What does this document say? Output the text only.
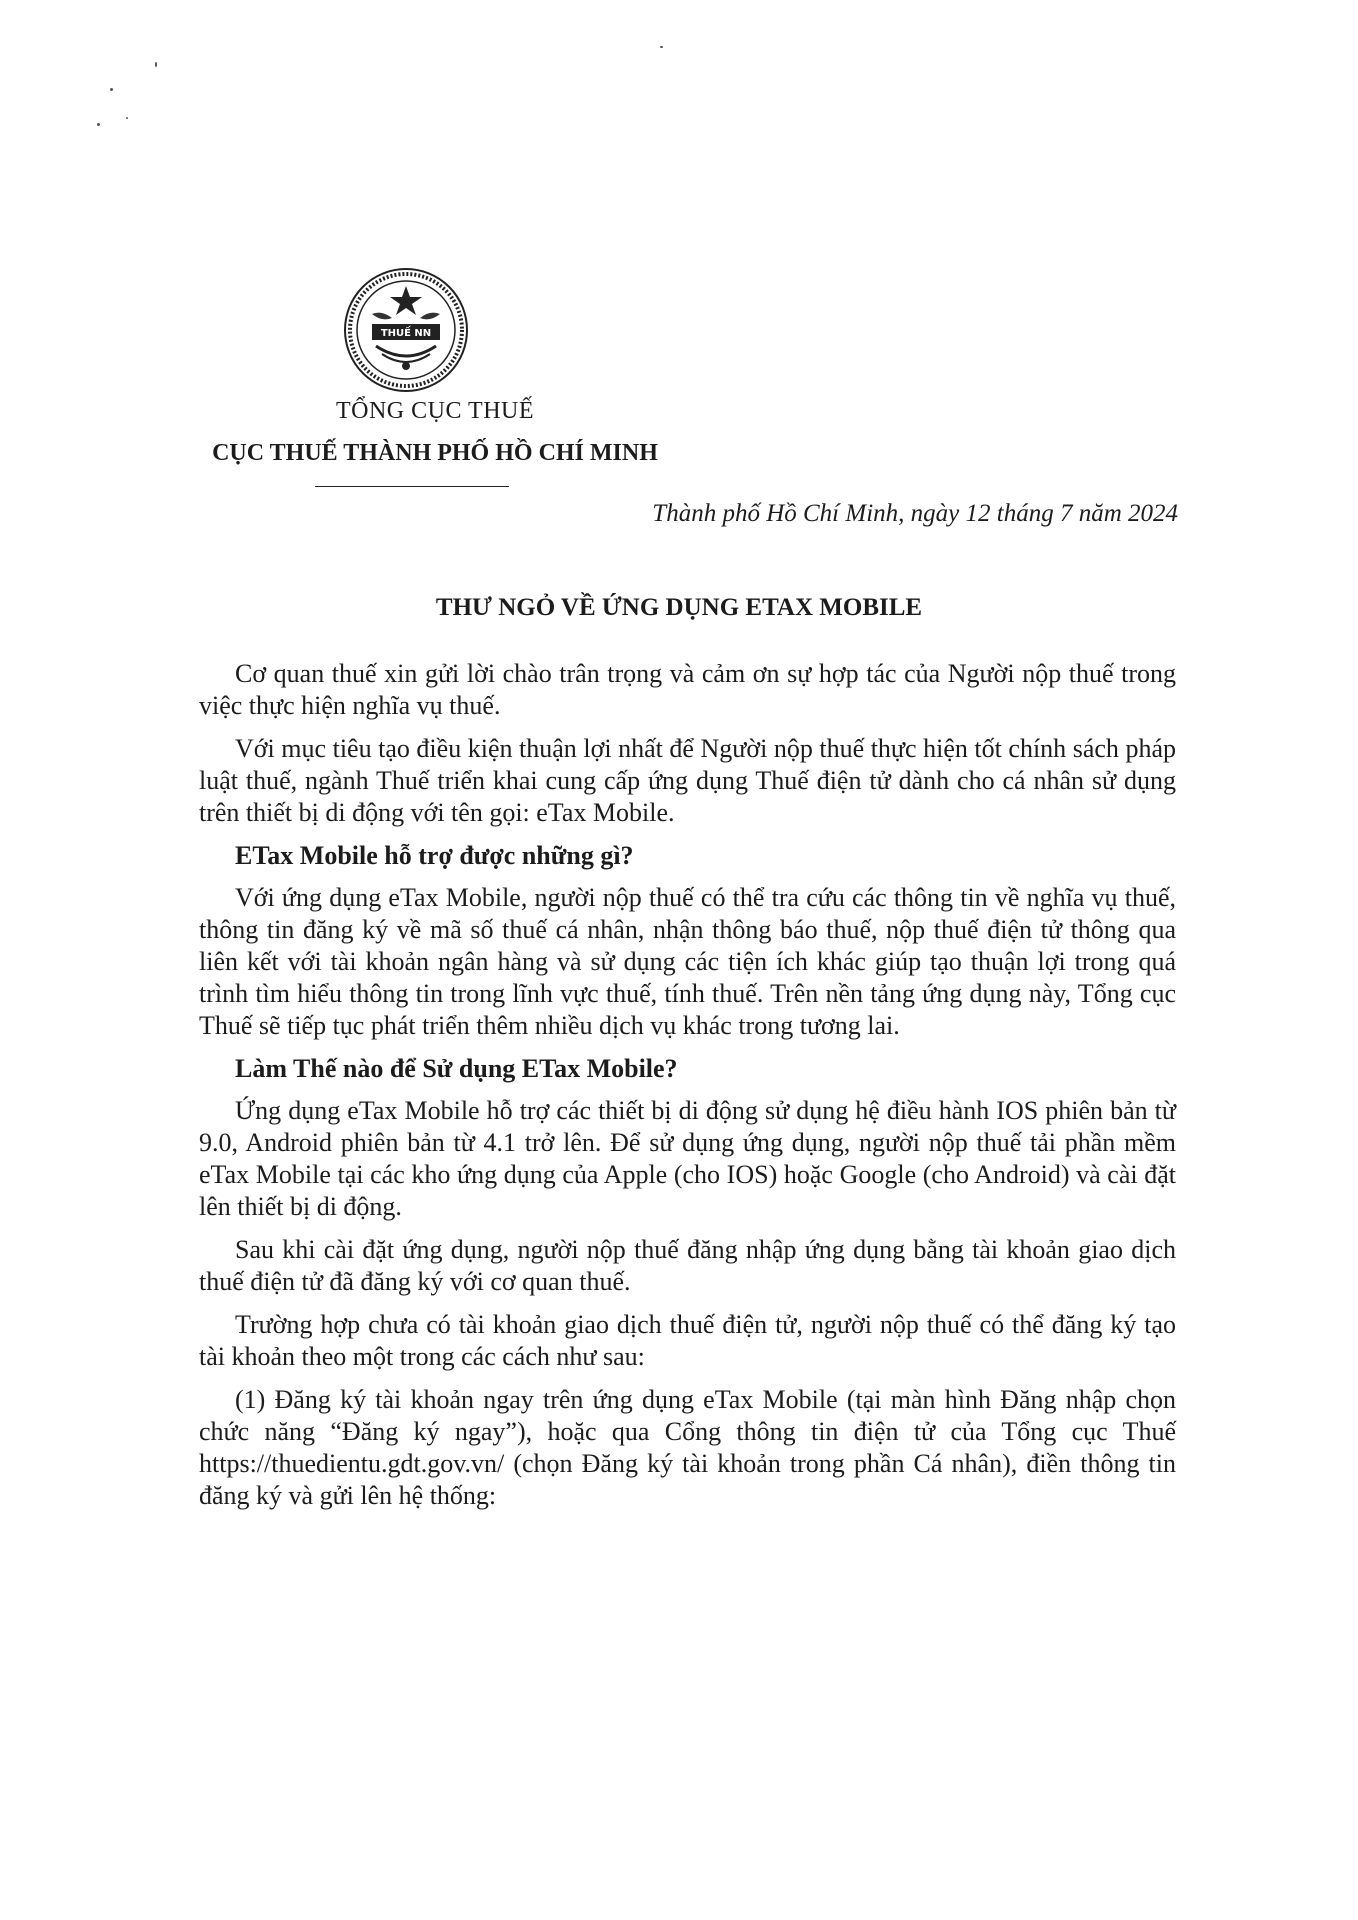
THUẾ NN
TỔNG CỤC THUẾ
CỤC THUẾ THÀNH PHỐ HỒ CHÍ MINH
Thành phố Hồ Chí Minh, ngày 12 tháng 7 năm 2024
THƯ NGỎ VỀ ỨNG DỤNG ETAX MOBILE

Cơ quan thuế xin gửi lời chào trân trọng và cảm ơn sự hợp tác của Người nộp thuế trong việc thực hiện nghĩa vụ thuế.

Với mục tiêu tạo điều kiện thuận lợi nhất để Người nộp thuế thực hiện tốt chính sách pháp luật thuế, ngành Thuế triển khai cung cấp ứng dụng Thuế điện tử dành cho cá nhân sử dụng trên thiết bị di động với tên gọi: eTax Mobile.

ETax Mobile hỗ trợ được những gì?

Với ứng dụng eTax Mobile, người nộp thuế có thể tra cứu các thông tin về nghĩa vụ thuế, thông tin đăng ký về mã số thuế cá nhân, nhận thông báo thuế, nộp thuế điện tử thông qua liên kết với tài khoản ngân hàng và sử dụng các tiện ích khác giúp tạo thuận lợi trong quá trình tìm hiểu thông tin trong lĩnh vực thuế, tính thuế. Trên nền tảng ứng dụng này, Tổng cục Thuế sẽ tiếp tục phát triển thêm nhiều dịch vụ khác trong tương lai.

Làm Thế nào để Sử dụng ETax Mobile?

Ứng dụng eTax Mobile hỗ trợ các thiết bị di động sử dụng hệ điều hành IOS phiên bản từ 9.0, Android phiên bản từ 4.1 trở lên. Để sử dụng ứng dụng, người nộp thuế tải phần mềm eTax Mobile tại các kho ứng dụng của Apple (cho IOS) hoặc Google (cho Android) và cài đặt lên thiết bị di động.

Sau khi cài đặt ứng dụng, người nộp thuế đăng nhập ứng dụng bằng tài khoản giao dịch thuế điện tử đã đăng ký với cơ quan thuế.

Trường hợp chưa có tài khoản giao dịch thuế điện tử, người nộp thuế có thể đăng ký tạo tài khoản theo một trong các cách như sau:

(1) Đăng ký tài khoản ngay trên ứng dụng eTax Mobile (tại màn hình Đăng nhập chọn chức năng “Đăng ký ngay”), hoặc qua Cổng thông tin điện tử của Tổng cục Thuế https://thuedientu.gdt.gov.vn/ (chọn Đăng ký tài khoản trong phần Cá nhân), điền thông tin đăng ký và gửi lên hệ thống:
